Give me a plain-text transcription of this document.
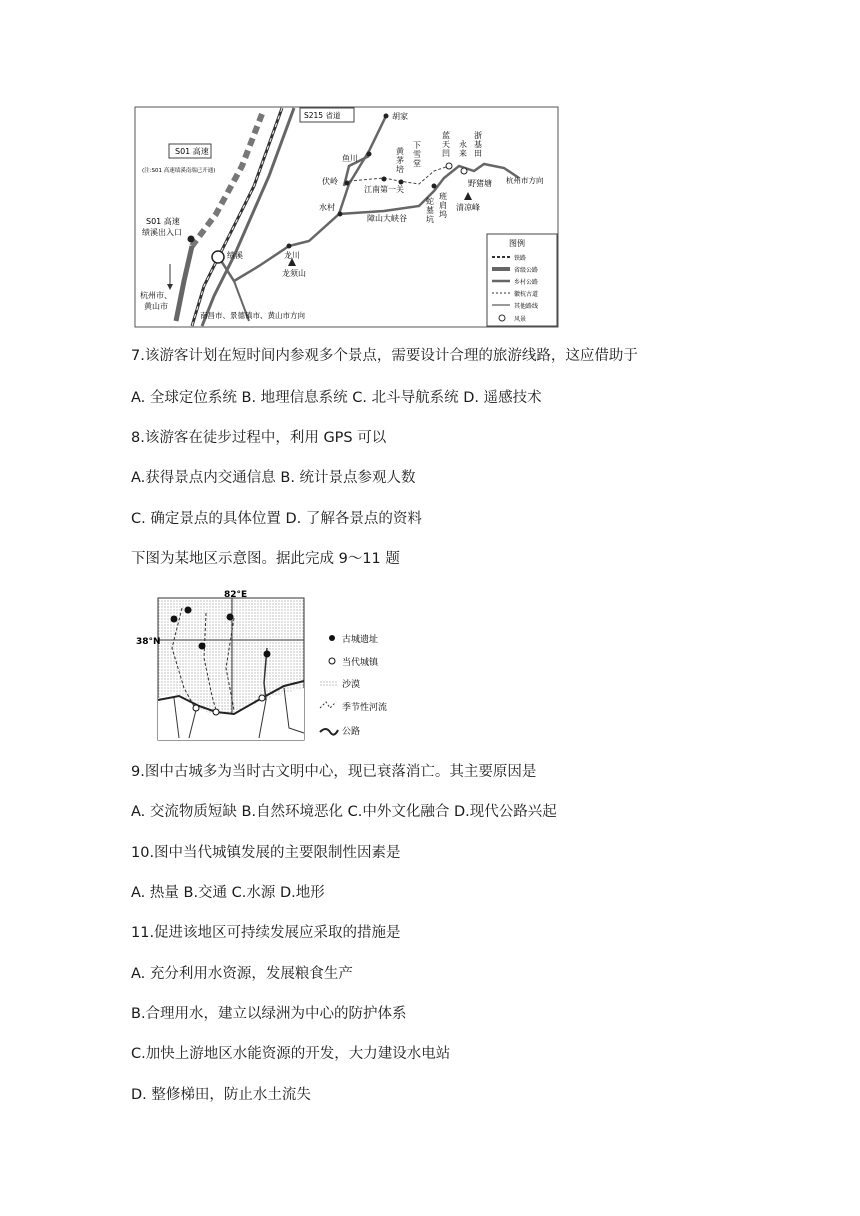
S215 省道
S01 高速
(注:S01 高速绩溪南端已开通)
S01 高速
绩溪出入口
杭州市、
黄山市
绩溪	龙川
龙须山
胡家
鱼川
伏岭
水村
江南第一关
障山大峡谷
黄
茅
培
下
雪
堂
蓝
天
凹
永
来
浙
基
田
班
肩
坞
蛇
墓
坑
野猪塘
清凉峰
杭州市方向
南昌市、景德镇市、黄山市方向
图例
铁路
省级公路
乡村公路
徽杭古道
其他路线
风景
7.该游客计划在短时间内参观多个景点，需要设计合理的旅游线路，这应借助于
A. 全球定位系统 B. 地理信息系统 C. 北斗导航系统 D. 遥感技术
8.该游客在徒步过程中，利用 GPS 可以
A.获得景点内交通信息 B. 统计景点参观人数
C. 确定景点的具体位置 D. 了解各景点的资料
下图为某地区示意图。据此完成 9～11 题
82°E
38°N	古城遗址
当代城镇
沙漠
季节性河流
公路
9.图中古城多为当时古文明中心，现已衰落消亡。其主要原因是
A. 交流物质短缺 B.自然环境恶化 C.中外文化融合 D.现代公路兴起
10.图中当代城镇发展的主要限制性因素是
A. 热量 B.交通 C.水源 D.地形
11.促进该地区可持续发展应采取的措施是
A. 充分利用水资源，发展粮食生产
B.合理用水，建立以绿洲为中心的防护体系
C.加快上游地区水能资源的开发，大力建设水电站
D. 整修梯田，防止水土流失
